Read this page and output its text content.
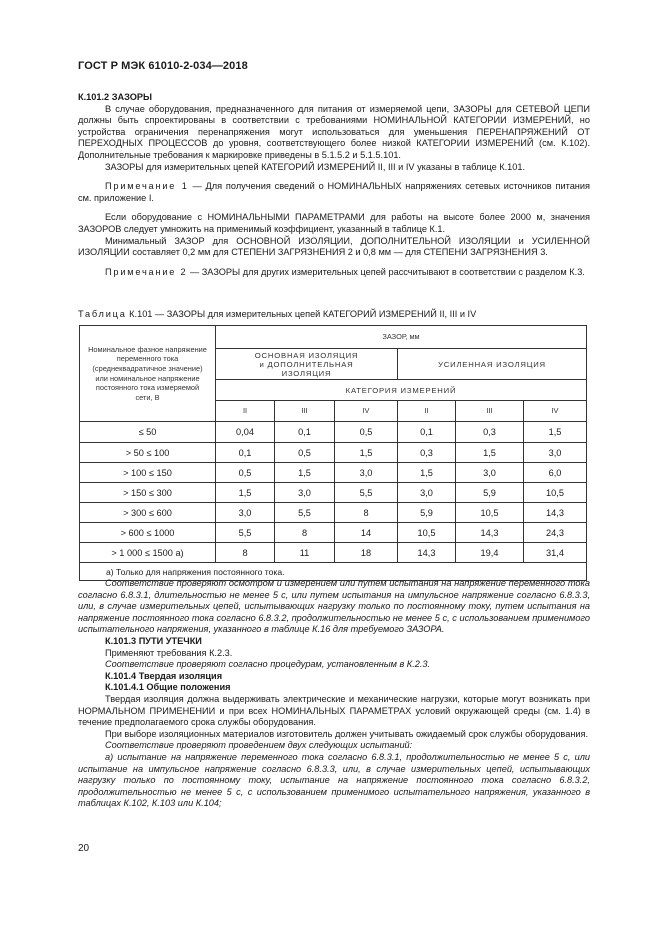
ГОСТ Р МЭК 61010-2-034—2018
К.101.2 ЗАЗОРЫ
В случае оборудования, предназначенного для питания от измеряемой цепи, ЗАЗОРЫ для СЕТЕВОЙ ЦЕПИ должны быть спроектированы в соответствии с требованиями НОМИНАЛЬНОЙ КАТЕГОРИИ ИЗМЕРЕНИЙ, но устройства ограничения перенапряжения могут использоваться для уменьшения ПЕРЕНАПРЯЖЕНИЙ ОТ ПЕРЕХОДНЫХ ПРОЦЕССОВ до уровня, соответствующего более низкой КАТЕГОРИИ ИЗМЕРЕНИЙ (см. К.102). Дополнительные требования к маркировке приведены в 5.1.5.2 и 5.1.5.101.
ЗАЗОРЫ для измерительных цепей КАТЕГОРИЙ ИЗМЕРЕНИЙ II, III и IV указаны в таблице К.101.
Примечание 1 — Для получения сведений о НОМИНАЛЬНЫХ напряжениях сетевых источников питания см. приложение I.
Если оборудование с НОМИНАЛЬНЫМИ ПАРАМЕТРАМИ для работы на высоте более 2000 м, значения ЗАЗОРОВ следует умножить на применимый коэффициент, указанный в таблице К.1.
Минимальный ЗАЗОР для ОСНОВНОЙ ИЗОЛЯЦИИ, ДОПОЛНИТЕЛЬНОЙ ИЗОЛЯЦИИ и УСИЛЕННОЙ ИЗОЛЯЦИИ составляет 0,2 мм для СТЕПЕНИ ЗАГРЯЗНЕНИЯ 2 и 0,8 мм — для СТЕПЕНИ ЗАГРЯЗНЕНИЯ 3.
Примечание 2 — ЗАЗОРЫ для других измерительных цепей рассчитывают в соответствии с разделом К.3.
Таблица К.101 — ЗАЗОРЫ для измерительных цепей КАТЕГОРИЙ ИЗМЕРЕНИЙ II, III и IV
Номинальное фазное напряжение переменного тока (среднеквадратичное значение) или номинальное напряжение постоянного тока измеряемой сети, В	ЗАЗОР, мм					
	ОСНОВНАЯ ИЗОЛЯЦИЯ и ДОПОЛНИТЕЛЬНАЯ ИЗОЛЯЦИЯ			УСИЛЕННАЯ ИЗОЛЯЦИЯ		
	КАТЕГОРИЯ ИЗМЕРЕНИЙ					
	II	III	IV	II	III	IV
≤ 50	0,04	0,1	0,5	0,1	0,3	1,5
> 50 ≤ 100	0,1	0,5	1,5	0,3	1,5	3,0
> 100 ≤ 150	0,5	1,5	3,0	1,5	3,0	6,0
> 150 ≤ 300	1,5	3,0	5,5	3,0	5,9	10,5
> 300 ≤ 600	3,0	5,5	8	5,9	10,5	14,3
> 600 ≤ 1000	5,5	8	14	10,5	14,3	24,3
> 1 000 ≤ 1500 а)	8	11	18	14,3	19,4	31,4
а) Только для напряжения постоянного тока.						
Соответствие проверяют осмотром и измерением или путем испытания на напряжение переменного тока согласно 6.8.3.1, длительностью не менее 5 с, или путем испытания на импульсное напряжение согласно 6.8.3.3, или, в случае измерительных цепей, испытывающих нагрузку только по постоянному току, путем испытания на напряжение постоянного тока согласно 6.8.3.2, продолжительностью не менее 5 с, с использованием применимого испытательного напряжения, указанного в таблице К.16 для требуемого ЗАЗОРА.
К.101.3 ПУТИ УТЕЧКИ
Применяют требования К.2.3.
Соответствие проверяют согласно процедурам, установленным в К.2.3.
К.101.4 Твердая изоляция
К.101.4.1 Общие положения
Твердая изоляция должна выдерживать электрические и механические нагрузки, которые могут возникать при НОРМАЛЬНОМ ПРИМЕНЕНИИ и при всех НОМИНАЛЬНЫХ ПАРАМЕТРАХ условий окружающей среды (см. 1.4) в течение предполагаемого срока службы оборудования.
При выборе изоляционных материалов изготовитель должен учитывать ожидаемый срок службы оборудования.
Соответствие проверяют проведением двух следующих испытаний:
а) испытание на напряжение переменного тока согласно 6.8.3.1, продолжительностью не менее 5 с, или испытание на импульсное напряжение согласно 6.8.3.3, или, в случае измерительных цепей, испытывающих нагрузку только по постоянному току, испытание на напряжение постоянного тока согласно 6.8.3.2, продолжительностью не менее 5 с, с использованием применимого испытательного напряжения, указанного в таблицах К.102, К.103 или К.104;
20
